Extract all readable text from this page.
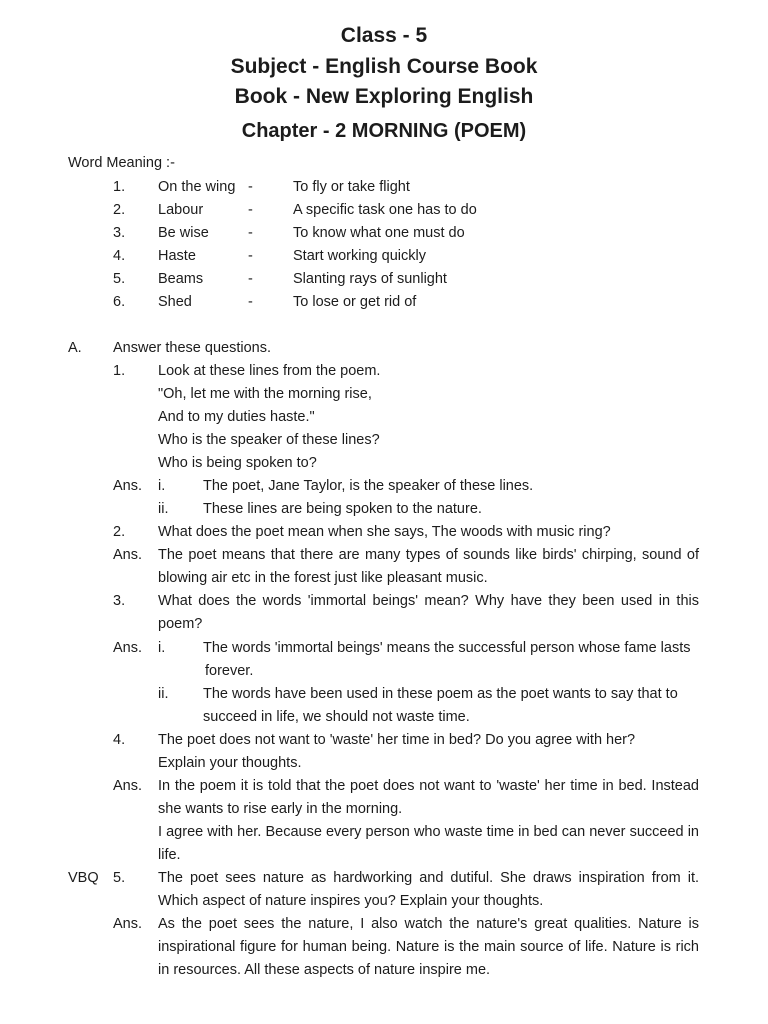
Class - 5
Subject - English Course Book
Book - New Exploring English
Chapter - 2 MORNING (POEM)
Word Meaning :-
1. On the wing -	To fly or take flight
2. Labour	-	A specific task one has to do
3. Be wise	-	To know what one must do
4. Haste	-	Start working quickly
5. Beams	-	Slanting rays of sunlight
6. Shed	-	To lose or get rid of
A. Answer these questions.
1. Look at these lines from the poem.
"Oh, let me with the morning rise,
And to my duties haste."
Who is the speaker of these lines?
Who is being spoken to?
Ans. i.	The poet, Jane Taylor, is the speaker of these lines.
ii. These lines are being spoken to the nature.
2. What does the poet mean when she says, The woods with music ring?
Ans. The poet means that there are many types of sounds like birds' chirping, sound of
blowing air etc in the forest just like pleasant music.
3. What does the words 'immortal beings' mean? Why have they been used in this
poem?
Ans. i.	The words 'immortal beings' means the successful person whose fame lasts
forever.
ii. The words have been used in these poem as the poet wants to say that to
succeed in life, we should not waste time.
4. The poet does not want to 'waste' her time in bed? Do you agree with her?
Explain your thoughts.
Ans. In the poem it is told that the poet does not want to 'waste' her time in bed. Instead
she wants to rise early in the morning.
I agree with her. Because every person who waste time in bed can never succeed in
life.
VBQ 5. The poet sees nature as hardworking and dutiful. She draws inspiration from it.
Which aspect of nature inspires you? Explain your thoughts.
Ans. As the poet sees the nature, I also watch the nature's great qualities. Nature is
inspirational figure for human being. Nature is the main source of life. Nature is rich
in resources. All these aspects of nature inspire me.
